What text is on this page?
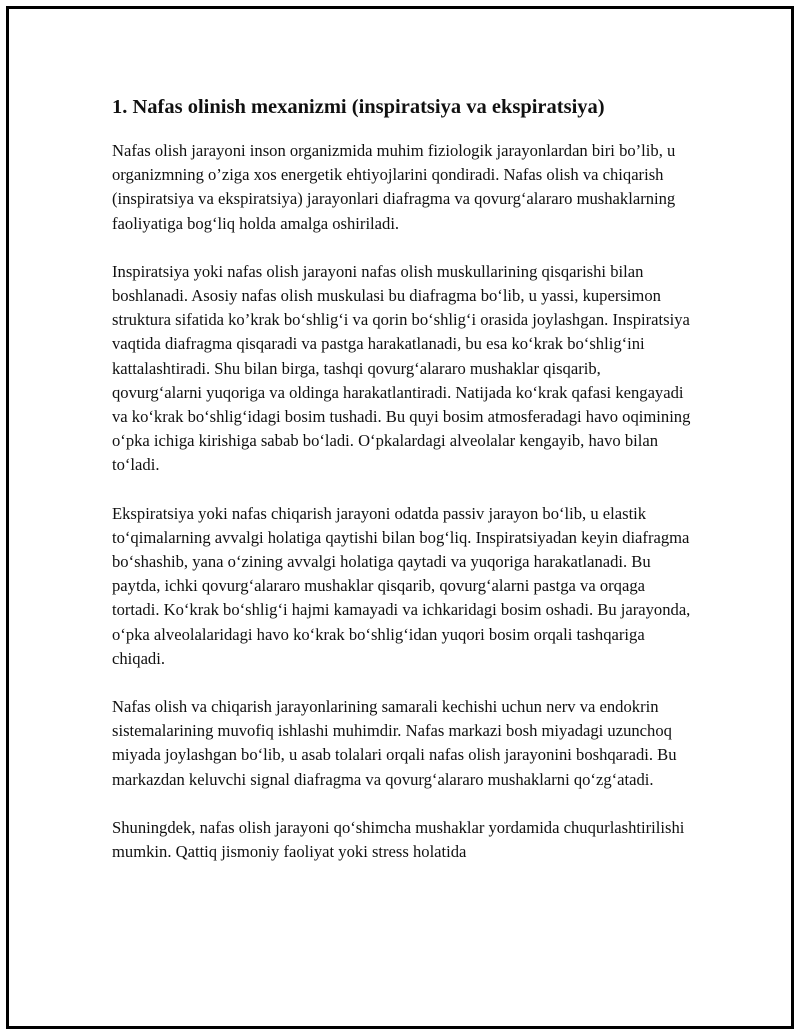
1. Nafas olinish mexanizmi (inspiratsiya va ekspiratsiya)

Nafas olish jarayoni inson organizmida muhim fiziologik jarayonlardan biri bo’lib, u organizmning o’ziga xos energetik ehtiyojlarini qondiradi. Nafas olish va chiqarish (inspiratsiya va ekspiratsiya) jarayonlari diafragma va qovurg‘alararo mushaklarning faoliyatiga bog‘liq holda amalga oshiriladi.

Inspiratsiya yoki nafas olish jarayoni nafas olish muskullarining qisqarishi bilan boshlanadi. Asosiy nafas olish muskulasi bu diafragma bo‘lib, u yassi, kupersimon struktura sifatida ko’krak bo‘shlig‘i va qorin bo‘shlig‘i orasida joylashgan. Inspiratsiya vaqtida diafragma qisqaradi va pastga harakatlanadi, bu esa ko‘krak bo‘shlig‘ini kattalashtiradi. Shu bilan birga, tashqi qovurg‘alararo mushaklar qisqarib, qovurg‘alarni yuqoriga va oldinga harakatlantiradi. Natijada ko‘krak qafasi kengayadi va ko‘krak bo‘shlig‘idagi bosim tushadi. Bu quyi bosim atmosferadagi havo oqimining o‘pka ichiga kirishiga sabab bo‘ladi. O‘pkalardagi alveolalar kengayib, havo bilan to‘ladi.

Ekspiratsiya yoki nafas chiqarish jarayoni odatda passiv jarayon bo‘lib, u elastik to‘qimalarning avvalgi holatiga qaytishi bilan bog‘liq. Inspiratsiyadan keyin diafragma bo‘shashib, yana o‘zining avvalgi holatiga qaytadi va yuqoriga harakatlanadi. Bu paytda, ichki qovurg‘alararo mushaklar qisqarib, qovurg‘alarni pastga va orqaga tortadi. Ko‘krak bo‘shlig‘i hajmi kamayadi va ichkaridagi bosim oshadi. Bu jarayonda, o‘pka alveolalaridagi havo ko‘krak bo‘shlig‘idan yuqori bosim orqali tashqariga chiqadi.

Nafas olish va chiqarish jarayonlarining samarali kechishi uchun nerv va endokrin sistemalarining muvofiq ishlashi muhimdir. Nafas markazi bosh miyadagi uzunchoq miyada joylashgan bo‘lib, u asab tolalari orqali nafas olish jarayonini boshqaradi. Bu markazdan keluvchi signal diafragma va qovurg‘alararo mushaklarni qo‘zg‘atadi.

Shuningdek, nafas olish jarayoni qo‘shimcha mushaklar yordamida chuqurlashtirilishi mumkin. Qattiq jismoniy faoliyat yoki stress holatida
